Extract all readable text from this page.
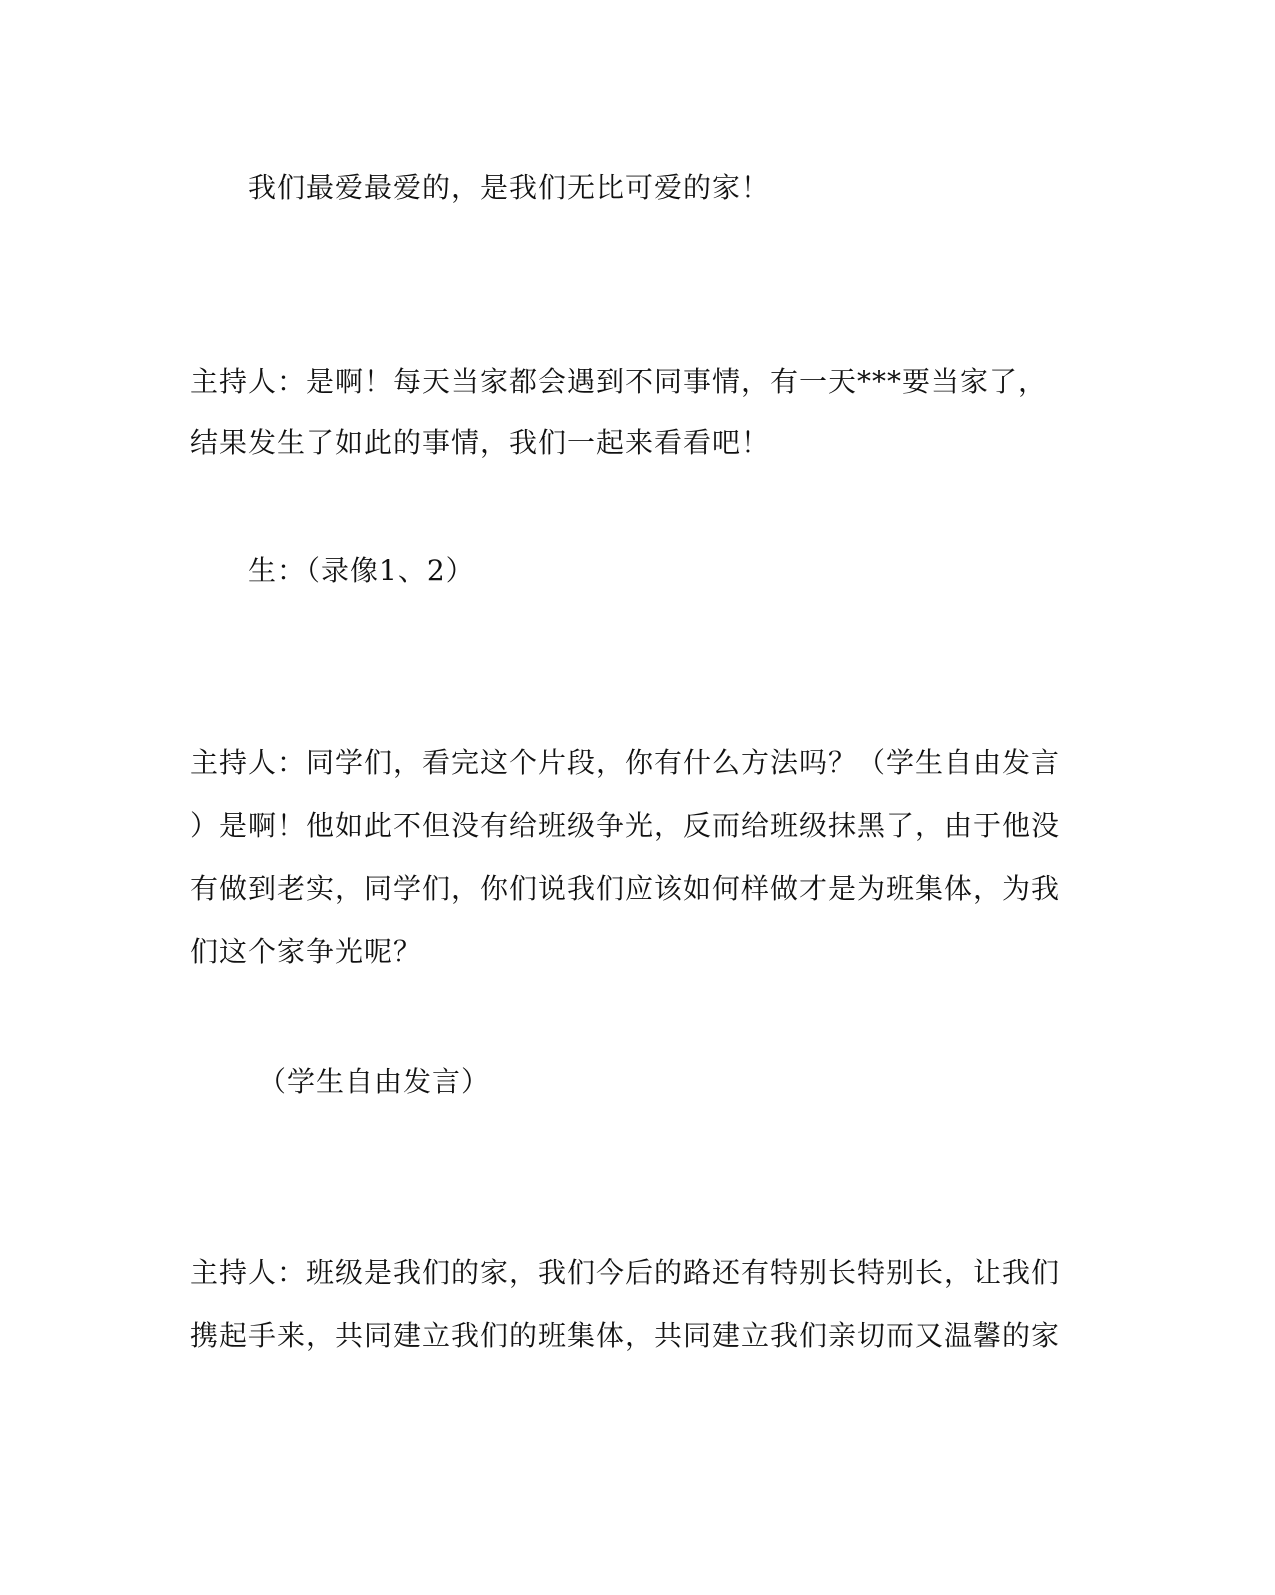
我们最爱最爱的，是我们无比可爱的家！
主持人：是啊！每天当家都会遇到不同事情，有一天***要当家了，
结果发生了如此的事情，我们一起来看看吧！
生：（录像1、2）
主持人：同学们，看完这个片段，你有什么方法吗？（学生自由发言
）是啊！他如此不但没有给班级争光，反而给班级抹黑了，由于他没
有做到老实，同学们，你们说我们应该如何样做才是为班集体，为我
们这个家争光呢？
（学生自由发言）
主持人：班级是我们的家，我们今后的路还有特别长特别长，让我们
携起手来，共同建立我们的班集体，共同建立我们亲切而又温馨的家
